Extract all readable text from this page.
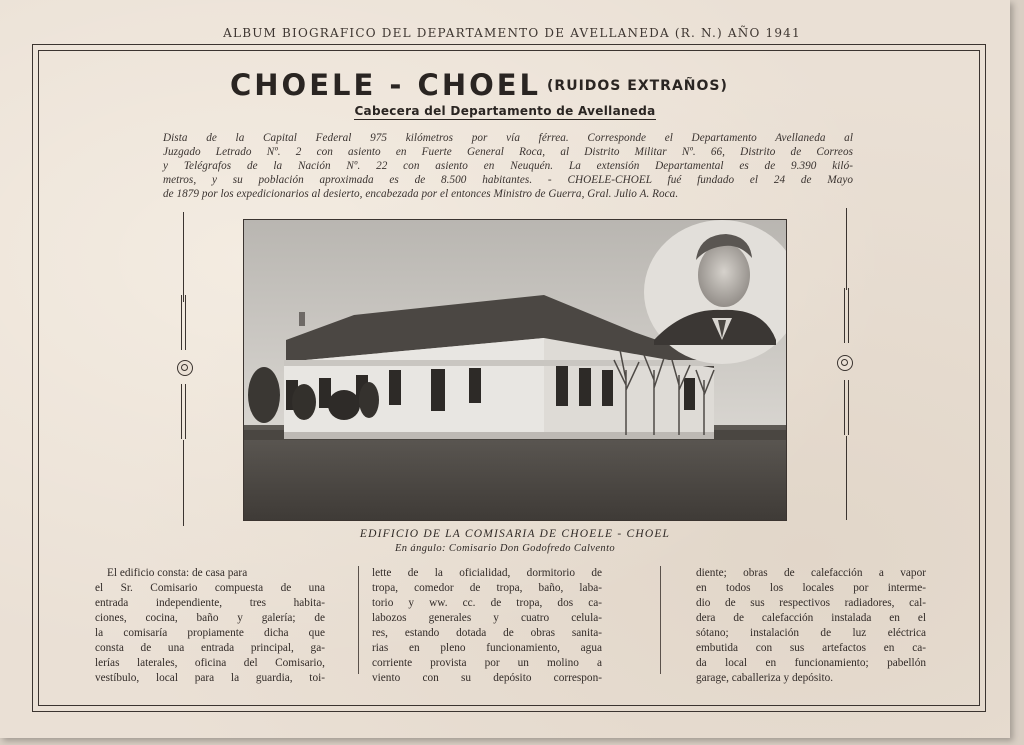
ALBUM BIOGRAFICO DEL DEPARTAMENTO DE AVELLANEDA (R. N.) AÑO 1941
CHOELE - CHOEL (RUIDOS EXTRAÑOS)
Cabecera del Departamento de Avellaneda
Dista de la Capital Federal 975 kilómetros por vía férrea. Corresponde el Departamento Avellaneda al
Juzgado Letrado Nº. 2 con asiento en Fuerte General Roca, al Distrito Militar Nº. 66, Distrito de Correos
y Telégrafos de la Nación Nº. 22 con asiento en Neuquén. La extensión Departamental es de 9.390 kiló-
metros, y su población aproximada es de 8.500 habitantes. - CHOELE-CHOEL fué fundado el 24 de Mayo
de 1879 por los expedicionarios al desierto, encabezada por el entonces Ministro de Guerra, Gral. Julio A. Roca.
EDIFICIO DE LA COMISARIA DE CHOELE - CHOEL
En ángulo: Comisario Don Godofredo Calvento
El edificio consta: de casa para
el Sr. Comisario compuesta de una
entrada independiente, tres habita-
ciones, cocina, baño y galería; de
la comisaría propiamente dicha que
consta de una entrada principal, ga-
lerías laterales, oficina del Comisario,
vestíbulo, local para la guardia, toi-
lette de la oficialidad, dormitorio de
tropa, comedor de tropa, baño, laba-
torio y ww. cc. de tropa, dos ca-
labozos generales y cuatro celula-
res, estando dotada de obras sanita-
rias en pleno funcionamiento, agua
corriente provista por un molino a
viento con su depósito correspon-
diente; obras de calefacción a vapor
en todos los locales por interme-
dio de sus respectivos radiadores, cal-
dera de calefacción instalada en el
sótano; instalación de luz eléctrica
embutida con sus artefactos en ca-
da local en funcionamiento; pabellón
garage, caballeriza y depósito.
